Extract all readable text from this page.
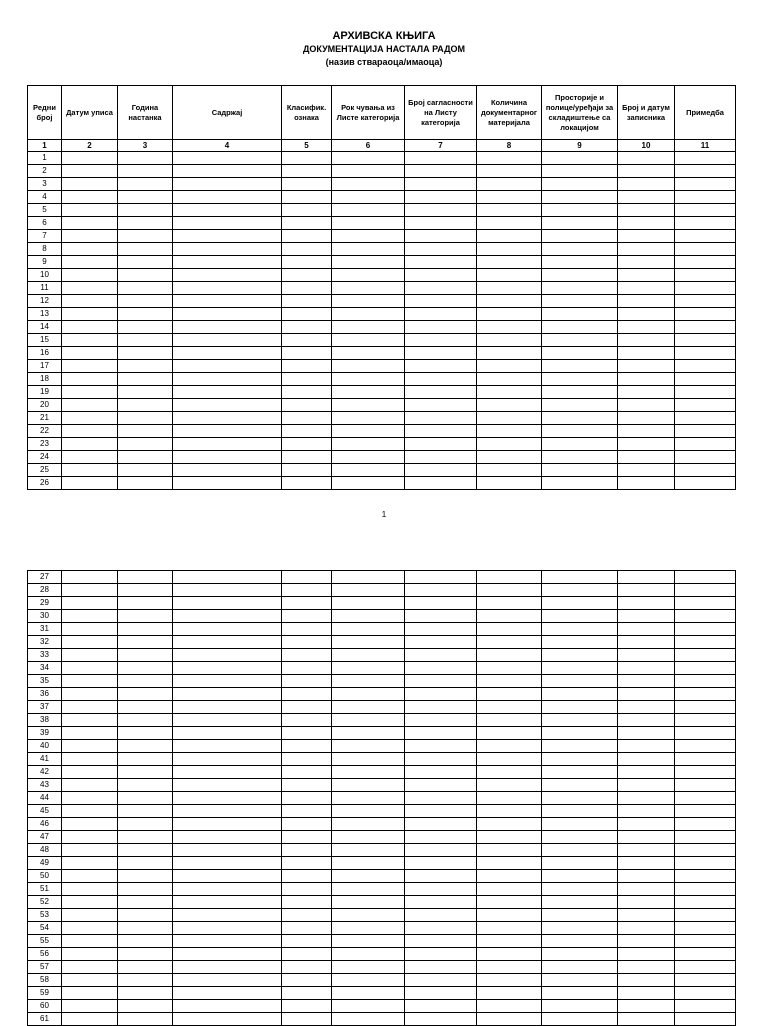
АРХИВСКА КЊИГА
ДОКУМЕНТАЦИЈА НАСТАЛА РАДОМ
(назив ствараоца/имаоца)
Редни број	Датум уписа	Година настанка	Садржај	Класифик. ознака	Рок чувања из Листе категорија	Број сагласности на Листу категорија	Количина документарног материјала	Просторије и полице/уређаји за складиштење са локацијом	Број и датум записника	Примедба
1	2	3	4	5	6	7	8	9	10	11
1										
2										
3										
4										
5										
6										
7										
8										
9										
10										
11										
12										
13										
14										
15										
16										
17										
18										
19										
20										
21										
22										
23										
24										
25										
26										
1
27										
28										
29										
30										
31										
32										
33										
34										
35										
36										
37										
38										
39										
40										
41										
42										
43										
44										
45										
46										
47										
48										
49										
50										
51										
52										
53										
54										
55										
56										
57										
58										
59										
60										
61										
